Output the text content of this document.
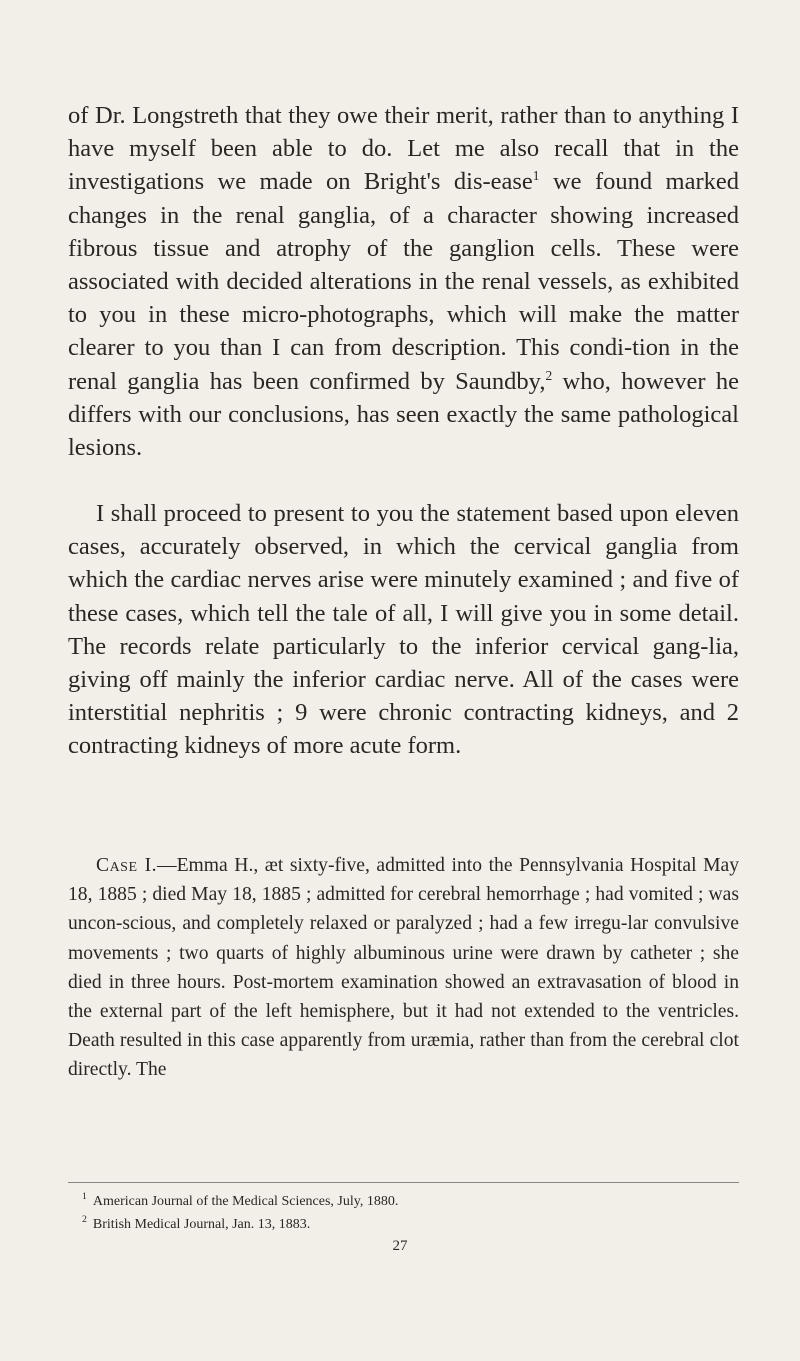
of Dr. Longstreth that they owe their merit, rather than to anything I have myself been able to do. Let me also recall that in the investigations we made on Bright's dis-ease$^1$ we found marked changes in the renal ganglia, of a character showing increased fibrous tissue and atrophy of the ganglion cells. These were associated with decided alterations in the renal vessels, as exhibited to you in these micro-photographs, which will make the matter clearer to you than I can from description. This condi-tion in the renal ganglia has been confirmed by Saundby,$^2$ who, however he differs with our conclusions, has seen exactly the same pathological lesions.

I shall proceed to present to you the statement based upon eleven cases, accurately observed, in which the cervical ganglia from which the cardiac nerves arise were minutely examined ; and five of these cases, which tell the tale of all, I will give you in some detail. The records relate particularly to the inferior cervical gang-lia, giving off mainly the inferior cardiac nerve. All of the cases were interstitial nephritis ; 9 were chronic contracting kidneys, and 2 contracting kidneys of more acute form.

Case I.—Emma H., æt sixty-five, admitted into the Pennsylvania Hospital May 18, 1885 ; died May 18, 1885 ; admitted for cerebral hemorrhage ; had vomited ; was uncon-scious, and completely relaxed or paralyzed ; had a few irregu-lar convulsive movements ; two quarts of highly albuminous urine were drawn by catheter ; she died in three hours. Post-mortem examination showed an extravasation of blood in the external part of the left hemisphere, but it had not extended to the ventricles. Death resulted in this case apparently from uræmia, rather than from the cerebral clot directly. The

$^1$ American Journal of the Medical Sciences, July, 1880.

$^2$ British Medical Journal, Jan. 13, 1883.

27
